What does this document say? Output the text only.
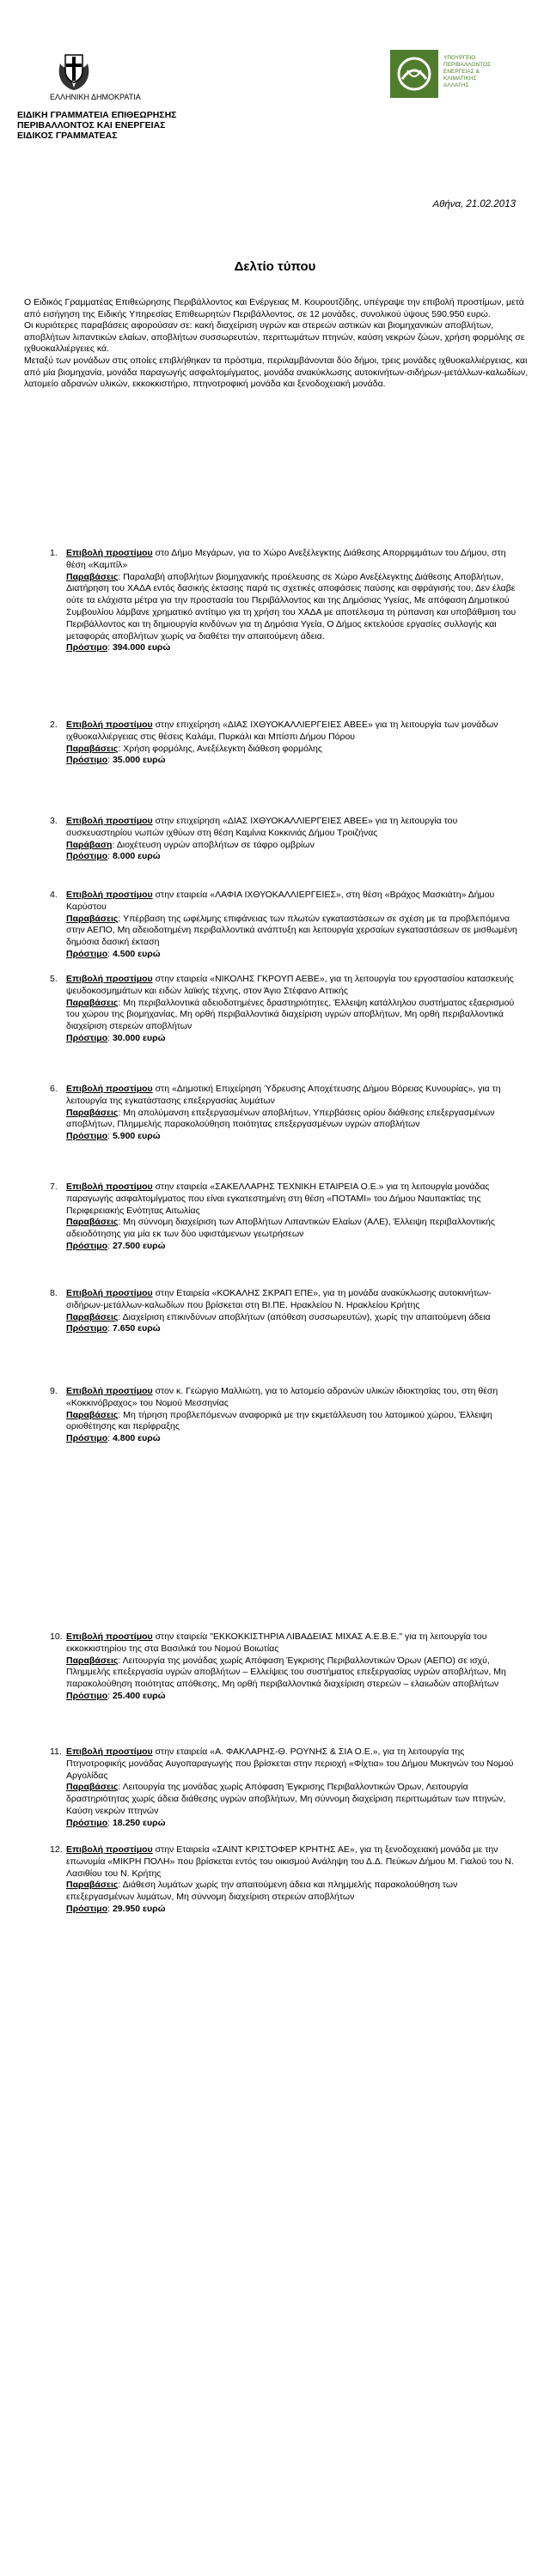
ΕΛΛΗΝΙΚΗ ΔΗΜΟΚΡΑΤΙΑ
ΕΙΔΙΚΗ ΓΡΑΜΜΑΤΕΙΑ ΕΠΙΘΕΩΡΗΣΗΣ
ΠΕΡΙΒΑΛΛΟΝΤΟΣ ΚΑΙ ΕΝΕΡΓΕΙΑΣ
ΕΙΔΙΚΟΣ ΓΡΑΜΜΑΤΕΑΣ
ΥΠΟΥΡΓΕΙΟ
ΠΕΡΙΒΑΛΛΟΝΤΟΣ
ΕΝΕΡΓΕΙΑΣ &
ΚΛΙΜΑΤΙΚΗΣ
ΑΛΛΑΓΗΣ
Αθήνα, 21.02.2013
Δελτίο τύπου

Ο Ειδικός Γραμματέας Επιθεώρησης Περιβάλλοντος και Ενέργειας Μ. Κουρουτζίδης, υπέγραψε την επιβολή προστίμων, μετά από εισήγηση της Ειδικής Υπηρεσίας Επιθεωρητών Περιβάλλοντος, σε 12 μονάδες, συνολικού ύψους 590.950 ευρώ.

Οι κυριότερες παραβάσεις αφορούσαν σε: κακή διαχείριση υγρών και στερεών αστικών και βιομηχανικών αποβλήτων, αποβλήτων λιπαντικών ελαίων, αποβλήτων συσσωρευτών, περιττωμάτων πτηνών, καύση νεκρών ζώων, χρήση φορμόλης σε ιχθυοκαλλιέργειες κά.

Μεταξύ των μονάδων στις οποίες επιβλήθηκαν τα πρόστιμα, περιλαμβάνονται δύο δήμοι, τρεις μονάδες ιχθυοκαλλιέργειας, και από μία βιομηχανία, μονάδα παραγωγής ασφαλτομίγματος, μονάδα ανακύκλωσης αυτοκινήτων-σιδήρων-μετάλλων-καλωδίων, λατομείο αδρανών υλικών, εκκοκκιστήριο, πτηνοτροφική μονάδα και ξενοδοχειακή μονάδα.

1. Επιβολή προστίμου στο Δήμο Μεγάρων, για το Χώρο Ανεξέλεγκτης Διάθεσης Απορριμμάτων του Δήμου, στη θέση «Καμπίλ»

Παραβάσεις: Παραλαβή αποβλήτων βιομηχανικής προέλευσης σε Χώρο Ανεξέλεγκτης Διάθεσης Αποβλήτων, Διατήρηση του ΧΑΔΑ εντός δασικής έκτασης παρά τις σχετικές αποφάσεις παύσης και σφράγισής του, Δεν έλαβε ούτε τα ελάχιστα μέτρα για την προστασία του Περιβάλλοντος και της Δημόσιας Υγείας, Με απόφαση Δημοτικού Συμβουλίου λάμβανε χρηματικό αντίτιμο για τη χρήση του ΧΑΔΑ με αποτέλεσμα τη ρύπανση και υποβάθμιση του Περιβάλλοντος και τη δημιουργία κινδύνων για τη Δημόσια Υγεία, Ο Δήμος εκτελούσε εργασίες συλλογής και μεταφοράς αποβλήτων χωρίς να διαθέτει την απαιτούμενη άδεια.

Πρόστιμο: 394.000 ευρώ

2. Επιβολή προστίμου στην επιχείρηση «ΔΙΑΣ ΙΧΘΥΟΚΑΛΛΙΕΡΓΕΙΕΣ ΑΒΕΕ» για τη λειτουργία των μονάδων ιχθυοκαλλιέργειας στις θέσεις Καλάμι, Πυρκάλι και Μπίσπι Δήμου Πόρου

Παραβάσεις: Χρήση φορμόλης, Ανεξέλεγκτη διάθεση φορμόλης

Πρόστιμο: 35.000 ευρώ

3. Επιβολή προστίμου στην επιχείρηση «ΔΙΑΣ ΙΧΘΥΟΚΑΛΛΙΕΡΓΕΙΕΣ ΑΒΕΕ» για τη λειτουργία του συσκευαστηρίου νωπών ιχθύων στη θέση Καμίνια Κοκκινιάς Δήμου Τροιζήνας

Παράβαση: Διοχέτευση υγρών αποβλήτων σε τάφρο ομβρίων

Πρόστιμο: 8.000 ευρώ

4. Επιβολή προστίμου στην εταιρεία «ΛΑΦΙΑ ΙΧΘΥΟΚΑΛΛΙΕΡΓΕΙΕΣ», στη θέση «Βράχος Μασκιάτη» Δήμου Καρύστου

Παραβάσεις: Υπέρβαση της ωφέλιμης επιφάνειας των πλωτών εγκαταστάσεων σε σχέση με τα προβλεπόμενα στην ΑΕΠΟ, Μη αδειοδοτημένη περιβαλλοντικά ανάπτυξη και λειτουργία χερσαίων εγκαταστάσεων σε μισθωμένη δημόσια δασική έκταση

Πρόστιμο: 4.500 ευρώ

5. Επιβολή προστίμου στην εταιρεία «ΝΙΚΟΛΗΣ ΓΚΡΟΥΠ ΑΕΒΕ», για τη λειτουργία του εργοστασίου κατασκευής ψευδοκοσμημάτων και ειδών λαϊκής τέχνης, στον Άγιο Στέφανο Αττικής

Παραβάσεις: Μη περιβαλλοντικά αδειοδοτημένες δραστηριότητες, Έλλειψη κατάλληλου συστήματος εξαερισμού του χώρου της βιομηχανίας, Μη ορθή περιβαλλοντικά διαχείριση υγρών αποβλήτων, Μη ορθή περιβαλλοντικά διαχείριση στερεών αποβλήτων

Πρόστιμο: 30.000 ευρώ

6. Επιβολή προστίμου στη «Δημοτική Επιχείρηση Ύδρευσης Αποχέτευσης Δήμου Βόρειας Κυνουρίας», για τη λειτουργία της εγκατάστασης επεξεργασίας λυμάτων

Παραβάσεις: Μη απολύμανση επεξεργασμένων αποβλήτων, Υπερβάσεις ορίου διάθεσης επεξεργασμένων αποβλήτων, Πλημμελής παρακολούθηση ποιότητας επεξεργασμένων υγρών αποβλήτων

Πρόστιμο: 5.900 ευρώ

7. Επιβολή προστίμου στην εταιρεία «ΣΑΚΕΛΛΑΡΗΣ ΤΕΧΝΙΚΗ ΕΤΑΙΡΕΙΑ Ο.Ε.» για τη λειτουργία μονάδας παραγωγής ασφαλτομίγματος που είναι εγκατεστημένη στη θέση «ΠΟΤΑΜΙ» του Δήμου Ναυπακτίας της Περιφερειακής Ενότητας Αιτωλίας

Παραβάσεις: Μη σύννομη διαχείριση των Αποβλήτων Λιπαντικών Ελαίων (ΑΛΕ), Έλλειψη περιβαλλοντικής αδειοδότησης για μία εκ των δύο υφιστάμενων γεωτρήσεων

Πρόστιμο: 27.500 ευρώ

8. Επιβολή προστίμου στην Εταιρεία «ΚΟΚΑΛΗΣ ΣΚΡΑΠ ΕΠΕ», για τη μονάδα ανακύκλωσης αυτοκινήτων-σιδήρων-μετάλλων-καλωδίων που βρίσκεται στη ΒΙ.ΠΕ. Ηρακλείου Ν. Ηρακλείου Κρήτης

Παραβάσεις: Διαχείριση επικινδύνων αποβλήτων (απόθεση συσσωρευτών), χωρίς την απαιτούμενη άδεια

Πρόστιμο: 7.650 ευρώ

9. Επιβολή προστίμου στον κ. Γεώργιο Μαλλιώτη, για το λατομείο αδρανών υλικών ιδιοκτησίας του, στη θέση «Κοκκινόβραχος» του Νομού Μεσσηνίας

Παραβάσεις: Μη τήρηση προβλεπόμενων αναφορικά με την εκμετάλλευση του λατομικού χώρου, Έλλειψη οριοθέτησης και περίφραξης

Πρόστιμο: 4.800 ευρώ

10. Επιβολή προστίμου στην εταιρεία "ΕΚΚΟΚΚΙΣΤΗΡΙΑ ΛΙΒΑΔΕΙΑΣ ΜΙΧΑΣ Α.Ε.Β.Ε." για τη λειτουργία του εκκοκκιστηρίου της στα Βασιλικά του Νομού Βοιωτίας

Παραβάσεις: Λειτουργία της μονάδας χωρίς Απόφαση Έγκρισης Περιβαλλοντικών Όρων (ΑΕΠΟ) σε ισχύ, Πλημμελής επεξεργασία υγρών αποβλήτων – Ελλείψεις του συστήματος επεξεργασίας υγρών αποβλήτων, Μη παρακολούθηση ποιότητας απόθεσης, Μη ορθή περιβαλλοντικά διαχείριση στερεών – ελαιωδών αποβλήτων

Πρόστιμο: 25.400 ευρώ

11. Επιβολή προστίμου στην εταιρεία «Α. ΦΑΚΛΑΡΗΣ-Θ. ΡΟΥΝΗΣ & ΣΙΑ Ο.Ε.», για τη λειτουργία της Πτηνοτροφικής μονάδας Αυγοπαραγωγής που βρίσκεται στην περιοχή «Φίχτια» του Δήμου Μυκηνών του Νομού Αργολίδας

Παραβάσεις: Λειτουργία της μονάδας χωρίς Απόφαση Έγκρισης Περιβαλλοντικών Όρων, Λειτουργία δραστηριότητας χωρίς άδεια διάθεσης υγρών αποβλήτων, Μη σύννομη διαχείριση περιττωμάτων των πτηνών, Καύση νεκρών πτηνών

Πρόστιμο: 18.250 ευρώ

12. Επιβολή προστίμου στην Εταιρεία «ΣΑΙΝΤ ΚΡΙΣΤΟΦΕΡ ΚΡΗΤΗΣ ΑΕ», για τη ξενοδοχειακή μονάδα με την επωνυμία «ΜΙΚΡΗ ΠΟΛΗ» που βρίσκεται εντός του οικισμού Ανάληψη του Δ.Δ. Πεύκων Δήμου Μ. Γιαλού του Ν. Λασιθίου του Ν. Κρήτης

Παραβάσεις: Διάθεση λυμάτων χωρίς την απαιτούμενη άδεια και πλημμελής παρακολούθηση των επεξεργασμένων λυμάτων, Μη σύννομη διαχείριση στερεών αποβλήτων

Πρόστιμο: 29.950 ευρώ
